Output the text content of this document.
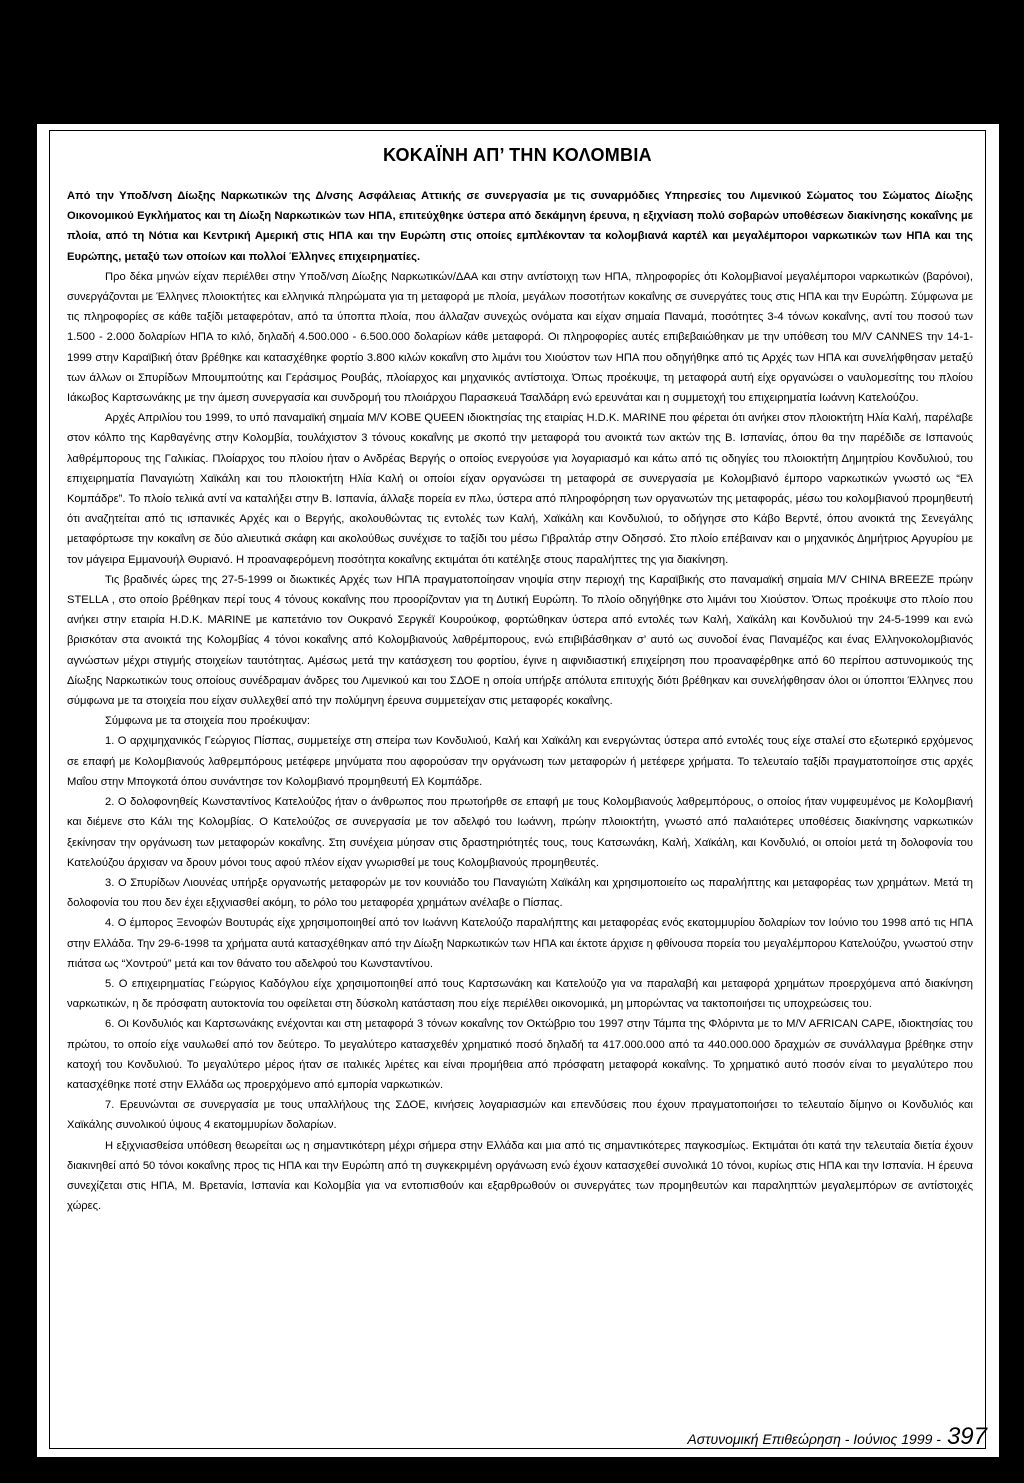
ΚΟΚΑΪΝΗ ΑΠ’ ΤΗΝ ΚΟΛΟΜΒΙΑ

Από την Υποδ/νση Δίωξης Ναρκωτικών της Δ/νσης Ασφάλειας Αττικής σε συνεργασία με τις συναρμόδιες Υπηρεσίες του Λιμενικού Σώματος του Σώματος Δίωξης Οικονομικού Εγκλήματος και τη Δίωξη Ναρκωτικών των ΗΠΑ, επιτεύχθηκε ύστερα από δεκάμηνη έρευνα, η εξιχνίαση πολύ σοβαρών υποθέσεων διακίνησης κοκαΐνης με πλοία, από τη Νότια και Κεντρική Αμερική στις ΗΠΑ και την Ευρώπη στις οποίες εμπλέκονταν τα κολομβιανά καρτέλ και μεγαλέμποροι ναρκωτικών των ΗΠΑ και της Ευρώπης, μεταξύ των οποίων και πολλοί Έλληνες επιχειρηματίες.

Προ δέκα μηνών είχαν περιέλθει στην Υποδ/νση Δίωξης Ναρκωτικών/ΔΑΑ και στην αντίστοιχη των ΗΠΑ, πληροφορίες ότι Κολομβιανοί μεγαλέμποροι ναρκωτικών (βαρόνοι), συνεργάζονται με Έλληνες πλοιοκτήτες και ελληνικά πληρώματα για τη μεταφορά με πλοία, μεγάλων ποσοτήτων κοκαΐνης σε συνεργάτες τους στις ΗΠΑ και την Ευρώπη. Σύμφωνα με τις πληροφορίες σε κάθε ταξίδι μεταφερόταν, από τα ύποπτα πλοία, που άλλαζαν συνεχώς ονόματα και είχαν σημαία Παναμά, ποσότητες 3-4 τόνων κοκαΐνης, αντί του ποσού των 1.500 - 2.000 δολαρίων ΗΠΑ το κιλό, δηλαδή 4.500.000 - 6.500.000 δολαρίων κάθε μεταφορά. Οι πληροφορίες αυτές επιβεβαιώθηκαν με την υπόθεση του M/V CANNES την 14-1-1999 στην Καραϊβική όταν βρέθηκε και κατασχέθηκε φορτίο 3.800 κιλών κοκαΐνη στο λιμάνι του Χιούστον των ΗΠΑ που οδηγήθηκε από τις Αρχές των ΗΠΑ και συνελήφθησαν μεταξύ των άλλων οι Σπυρίδων Μπουμπούτης και Γεράσιμος Ρουβάς, πλοίαρχος και μηχανικός αντίστοιχα. Όπως προέκυψε, τη μεταφορά αυτή είχε οργανώσει ο ναυλομεσίτης του πλοίου Ιάκωβος Καρτσωνάκης με την άμεση συνεργασία και συνδρομή του πλοιάρχου Παρασκευά Τσαλδάρη ενώ ερευνάται και η συμμετοχή του επιχειρηματία Ιωάννη Κατελούζου.

Αρχές Απριλίου του 1999, το υπό παναμαϊκή σημαία M/V KOBE QUEEN ιδιοκτησίας της εταιρίας H.D.K. MARINE που φέρεται ότι ανήκει στον πλοιοκτήτη Ηλία Καλή, παρέλαβε στον κόλπο της Καρθαγένης στην Κολομβία, τουλάχιστον 3 τόνους κοκαΐνης με σκοπό την μεταφορά του ανοικτά των ακτών της Β. Ισπανίας, όπου θα την παρέδιδε σε Ισπανούς λαθρέμπορους της Γαλικίας. Πλοίαρχος του πλοίου ήταν ο Ανδρέας Βεργής ο οποίος ενεργούσε για λογαριασμό και κάτω από τις οδηγίες του πλοιοκτήτη Δημητρίου Κονδυλιού, του επιχειρηματία Παναγιώτη Χαϊκάλη και του πλοιοκτήτη Ηλία Καλή οι οποίοι είχαν οργανώσει τη μεταφορά σε συνεργασία με Κολομβιανό έμπορο ναρκωτικών γνωστό ως “Ελ Κομπάδρε”. Το πλοίο τελικά αντί να καταλήξει στην Β. Ισπανία, άλλαξε πορεία εν πλω, ύστερα από πληροφόρηση των οργανωτών της μεταφοράς, μέσω του κολομβιανού προμηθευτή ότι αναζητείται από τις ισπανικές Αρχές και ο Βεργής, ακολουθώντας τις εντολές των Καλή, Χαϊκάλη και Κονδυλιού, το οδήγησε στο Κάβο Βερντέ, όπου ανοικτά της Σενεγάλης μεταφόρτωσε την κοκαΐνη σε δύο αλιευτικά σκάφη και ακολούθως συνέχισε το ταξίδι του μέσω Γιβραλτάρ στην Οδησσό. Στο πλοίο επέβαιναν και ο μηχανικός Δημήτριος Αργυρίου με τον μάγειρα Εμμανουήλ Θυριανό. Η προαναφερόμενη ποσότητα κοκαΐνης εκτιμάται ότι κατέληξε στους παραλήπτες της για διακίνηση.

Τις βραδινές ώρες της 27-5-1999 οι διωκτικές Αρχές των ΗΠΑ πραγματοποίησαν νηοψία στην περιοχή της Καραϊβικής στο παναμαϊκή σημαία M/V CHINA BREEZE πρώην STELLA , στο οποίο βρέθηκαν περί τους 4 τόνους κοκαΐνης που προορίζονταν για τη Δυτική Ευρώπη. Το πλοίο οδηγήθηκε στο λιμάνι του Χιούστον. Όπως προέκυψε στο πλοίο που ανήκει στην εταιρία H.D.K. MARINE με καπετάνιο τον Ουκρανό Σεργκέϊ Κουρούκοφ, φορτώθηκαν ύστερα από εντολές των Καλή, Χαϊκάλη και Κονδυλιού την 24-5-1999 και ενώ βρισκόταν στα ανοικτά της Κολομβίας 4 τόνοι κοκαΐνης από Κολομβιανούς λαθρέμπορους, ενώ επιβιβάσθηκαν σ’ αυτό ως συνοδοί ένας Παναμέζος και ένας Ελληνοκολομβιανός αγνώστων μέχρι στιγμής στοιχείων ταυτότητας. Αμέσως μετά την κατάσχεση του φορτίου, έγινε η αιφνιδιαστική επιχείρηση που προαναφέρθηκε από 60 περίπου αστυνομικούς της Δίωξης Ναρκωτικών τους οποίους συνέδραμαν άνδρες του Λιμενικού και του ΣΔΟΕ η οποία υπήρξε απόλυτα επιτυχής διότι βρέθηκαν και συνελήφθησαν όλοι οι ύποπτοι Έλληνες που σύμφωνα με τα στοιχεία που είχαν συλλεχθεί από την πολύμηνη έρευνα συμμετείχαν στις μεταφορές κοκαΐνης.

Σύμφωνα με τα στοιχεία που προέκυψαν:

1. Ο αρχιμηχανικός Γεώργιος Πίσπας, συμμετείχε στη σπείρα των Κονδυλιού, Καλή και Χαϊκάλη και ενεργώντας ύστερα από εντολές τους είχε σταλεί στο εξωτερικό ερχόμενος σε επαφή με Κολομβιανούς λαθρεμπόρους μετέφερε μηνύματα που αφορούσαν την οργάνωση των μεταφορών ή μετέφερε χρήματα. Το τελευταίο ταξίδι πραγματοποίησε στις αρχές Μαΐου στην Μπογκοτά όπου συνάντησε τον Κολομβιανό προμηθευτή Ελ Κομπάδρε.

2. Ο δολοφονηθείς Κωνσταντίνος Κατελούζος ήταν ο άνθρωπος που πρωτοήρθε σε επαφή με τους Κολομβιανούς λαθρεμπόρους, ο οποίος ήταν νυμφευμένος με Κολομβιανή και διέμενε στο Κάλι της Κολομβίας. Ο Κατελούζος σε συνεργασία με τον αδελφό του Ιωάννη, πρώην πλοιοκτήτη, γνωστό από παλαιότερες υποθέσεις διακίνησης ναρκωτικών ξεκίνησαν την οργάνωση των μεταφορών κοκαΐνης. Στη συνέχεια μύησαν στις δραστηριότητές τους, τους Κατσωνάκη, Καλή, Χαϊκάλη, και Κονδυλιό, οι οποίοι μετά τη δολοφονία του Κατελούζου άρχισαν να δρουν μόνοι τους αφού πλέον είχαν γνωρισθεί με τους Κολομβιανούς προμηθευτές.

3. Ο Σπυρίδων Λιουνέας υπήρξε οργανωτής μεταφορών με τον κουνιάδο του Παναγιώτη Χαϊκάλη και χρησιμοποιείτο ως παραλήπτης και μεταφορέας των χρημάτων. Μετά τη δολοφονία του που δεν έχει εξιχνιασθεί ακόμη, το ρόλο του μεταφορέα χρημάτων ανέλαβε ο Πίσπας.

4. Ο έμπορος Ξενοφών Βουτυράς είχε χρησιμοποιηθεί από τον Ιωάννη Κατελούζο παραλήπτης και μεταφορέας ενός εκατομμυρίου δολαρίων τον Ιούνιο του 1998 από τις ΗΠΑ στην Ελλάδα. Την 29-6-1998 τα χρήματα αυτά κατασχέθηκαν από την Δίωξη Ναρκωτικών των ΗΠΑ και έκτοτε άρχισε η φθίνουσα πορεία του μεγαλέμπορου Κατελούζου, γνωστού στην πιάτσα ως “Χοντρού” μετά και τον θάνατο του αδελφού του Κωνσταντίνου.

5. Ο επιχειρηματίας Γεώργιος Καδόγλου είχε χρησιμοποιηθεί από τους Καρτσωνάκη και Κατελούζο για να παραλαβή και μεταφορά χρημάτων προερχόμενα από διακίνηση ναρκωτικών, η δε πρόσφατη αυτοκτονία του οφείλεται στη δύσκολη κατάσταση που είχε περιέλθει οικονομικά, μη μπορώντας να τακτοποιήσει τις υποχρεώσεις του.

6. Οι Κονδυλιός και Καρτσωνάκης ενέχονται και στη μεταφορά 3 τόνων κοκαΐνης τον Οκτώβριο του 1997 στην Τάμπα της Φλόριντα με το M/V AFRICAN CAPE, ιδιοκτησίας του πρώτου, το οποίο είχε ναυλωθεί από τον δεύτερο. Το μεγαλύτερο κατασχεθέν χρηματικό ποσό δηλαδή τα 417.000.000 από τα 440.000.000 δραχμών σε συνάλλαγμα βρέθηκε στην κατοχή του Κονδυλιού. Το μεγαλύτερο μέρος ήταν σε ιταλικές λιρέτες και είναι προμήθεια από πρόσφατη μεταφορά κοκαΐνης. Το χρηματικό αυτό ποσόν είναι το μεγαλύτερο που κατασχέθηκε ποτέ στην Ελλάδα ως προερχόμενο από εμπορία ναρκωτικών.

7. Ερευνώνται σε συνεργασία με τους υπαλλήλους της ΣΔΟΕ, κινήσεις λογαριασμών και επενδύσεις που έχουν πραγματοποιήσει το τελευταίο δίμηνο οι Κονδυλιός και Χαϊκάλης συνολικού ύψους 4 εκατομμυρίων δολαρίων.

Η εξιχνιασθείσα υπόθεση θεωρείται ως η σημαντικότερη μέχρι σήμερα στην Ελλάδα και μια από τις σημαντικότερες παγκοσμίως. Εκτιμάται ότι κατά την τελευταία διετία έχουν διακινηθεί από 50 τόνοι κοκαΐνης προς τις ΗΠΑ και την Ευρώπη από τη συγκεκριμένη οργάνωση ενώ έχουν κατασχεθεί συνολικά 10 τόνοι, κυρίως στις ΗΠΑ και την Ισπανία. Η έρευνα συνεχίζεται στις ΗΠΑ, Μ. Βρετανία, Ισπανία και Κολομβία για να εντοπισθούν και εξαρθρωθούν οι συνεργάτες των προμηθευτών και παραληπτών μεγαλεμπόρων σε αντίστοιχές χώρες.

Αστυνομική Επιθεώρηση - Ιούνιος 1999 - 397
